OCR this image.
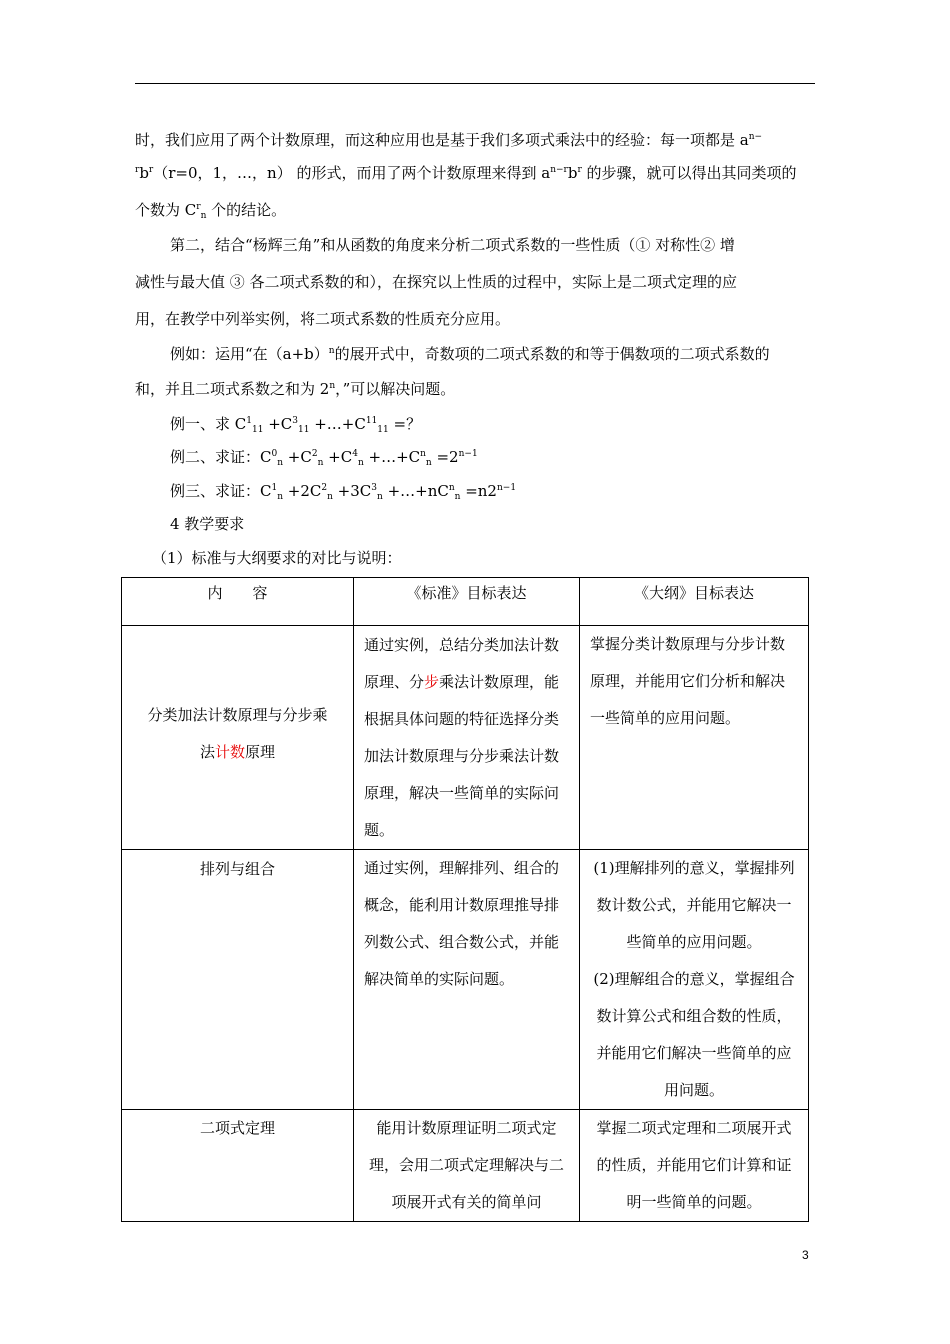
时，我们应用了两个计数原理，而这种应用也是基于我们多项式乘法中的经验：每一项都是 $a^{n-}$
$^rb^r(r=0$，1，…，n） 的形式，而用了两个计数原理来得到 $a^{n-r}b^r$ 的步骤，就可以得出其同类项的
个数为 $C^r_n$ 个的结论。
第二，结合“杨辉三角”和从函数的角度来分析二项式系数的一些性质（① 对称性② 增
减性与最大值 ③ 各二项式系数的和），在探究以上性质的过程中，实际上是二项式定理的应
用，在教学中列举实例，将二项式系数的性质充分应用。
例如：运用“在$(a+b)^n$的展开式中，奇数项的二项式系数的和等于偶数项的二项式系数的
和，并且二项式系数之和为 2$^n$，”可以解决问题。
例一、求 $C^1_{11} +C^3_{11}$ $+\dots+C^{11}_{11}$ =？
例二、求证：$C^0_n +C^2_n +C^4_n$ $+\dots+C^n_n =2^{n-1}$
例三、求证：$C^1_n +2C^2_n +3C^3_n$ $+\dots+nC^n_n =n2^{n-1}$
4 教学要求
（1）标准与大纲要求的对比与说明：
内　　容	《标准》目标表达	《大纲》目标表达

分类加法计数原理与分步乘
法计数原理	通过实例，总结分类加法计数原理、分步乘法计数原理，能根据具体问题的特征选择分类加法计数原理与分步乘法计数原理，解决一些简单的实际问题。	掌握分类计数原理与分步计数原理，并能用它们分析和解决一些简单的应用问题。

排列与组合	通过实例，理解排列、组合的概念，能利用计数原理推导排列数公式、组合数公式，并能解决简单的实际问题。	(1)理解排列的意义，掌握排列数计数公式，并能用它解决一些简单的应用问题。
(2)理解组合的意义，掌握组合数计算公式和组合数的性质，并能用它们解决一些简单的应用问题。

二项式定理	能用计数原理证明二项式定理，会用二项式定理解决与二项展开式有关的简单问	掌握二项式定理和二项展开式的性质，并能用它们计算和证明一些简单的问题。
3
